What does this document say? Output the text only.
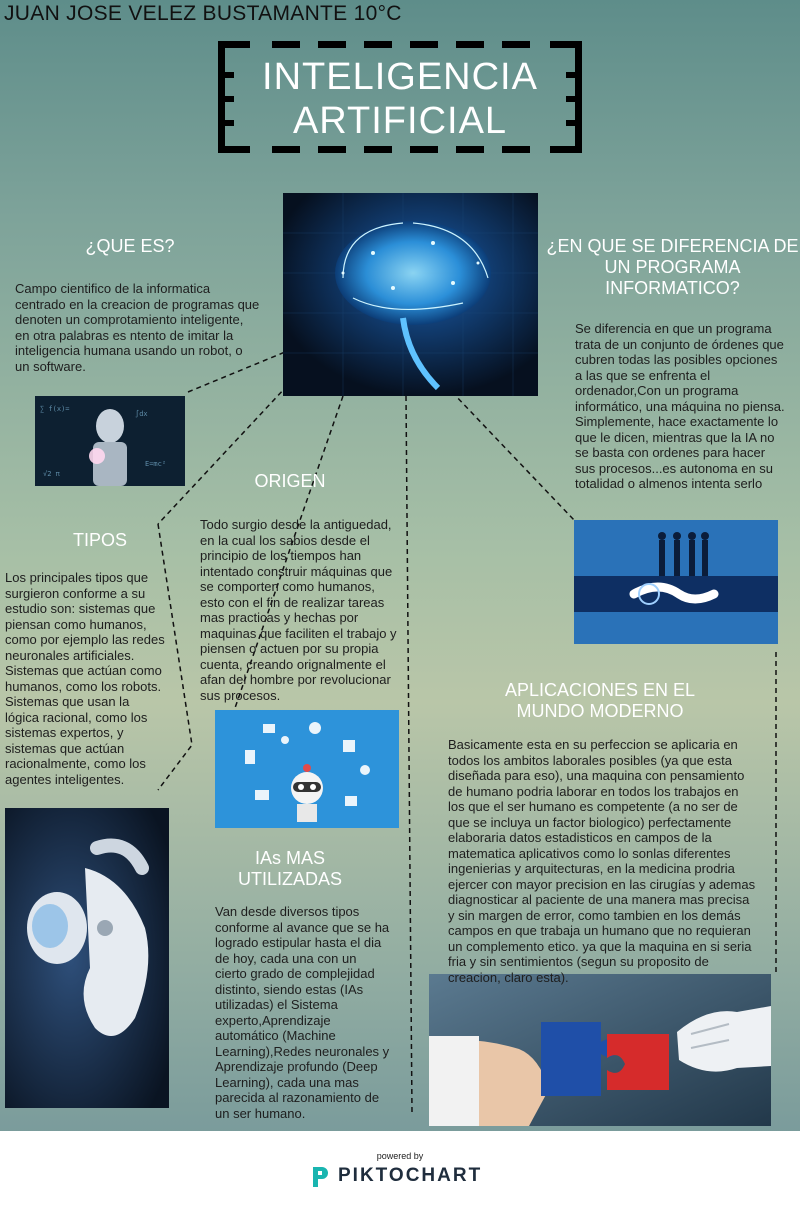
JUAN JOSE VELEZ BUSTAMANTE 10°C
INTELIGENCIA
ARTIFICIAL
∑ f(x)=
∫dx
E=mc²
√2 π
¿QUE ES?
Campo cientifico de la informatica centrado en la creacion de programas que denoten un comprotamiento inteligente, en otra palabras es ntento de imitar la inteligencia humana usando un robot, o un software.
¿EN QUE SE DIFERENCIA DE UN PROGRAMA INFORMATICO?
Se diferencia en que un programa trata de un conjunto de órdenes que cubren todas las posibles opciones a las que se enfrenta el ordenador,Con un programa informático, una máquina no piensa. Simplemente, hace exactamente lo que le dicen, mientras que la IA no se basta con ordenes para hacer sus procesos...es autonoma en su totalidad o almenos intenta serlo
ORIGEN
Todo surgio desde la antiguedad, en la cual los sabios desde el principio de los tiempos han intentado construir máquinas que se comporten como humanos, esto con el fin de realizar tareas mas practicas y hechas por maquinas que faciliten el trabajo y piensen o actuen por su propia cuenta, creando orignalmente el afan del hombre por revolucionar sus procesos.
TIPOS
Los principales tipos que surgieron conforme a su estudio son: sistemas que piensan como humanos, como por ejemplo las redes neuronales artificiales. Sistemas que actúan como humanos, como los robots. Sistemas que usan la lógica racional, como los sistemas expertos, y sistemas que actúan racionalmente, como los agentes inteligentes.
APLICACIONES EN EL MUNDO MODERNO
Basicamente esta en su perfeccion se aplicaria en todos los ambitos laborales posibles (ya que esta diseñada para eso), una maquina con pensamiento de humano podria laborar en todos los trabajos en los que el ser humano es competente (a no ser de que se incluya un factor biologico) perfectamente elaboraria datos estadisticos en campos de la matematica aplicativos como lo sonlas diferentes ingenierias y arquitecturas, en la medicina prodria ejercer con mayor precision en las cirugías y ademas diagnosticar al paciente de una manera mas precisa y sin margen de error, como tambien en los demás campos en que trabaja un humano que no requieran un complemento etico. ya que la maquina en si seria fria y sin sentimientos (segun su proposito de creacion, claro esta).
IAs MAS UTILIZADAS
Van desde diversos tipos conforme al avance que se ha logrado estipular hasta el dia de hoy, cada una con un cierto grado de complejidad distinto, siendo estas (IAs utilizadas) el Sistema experto,Aprendizaje automático (Machine Learning),Redes neuronales y Aprendizaje profundo (Deep Learning), cada una mas parecida al razonamiento de un ser humano.
powered by
PIKTOCHART
